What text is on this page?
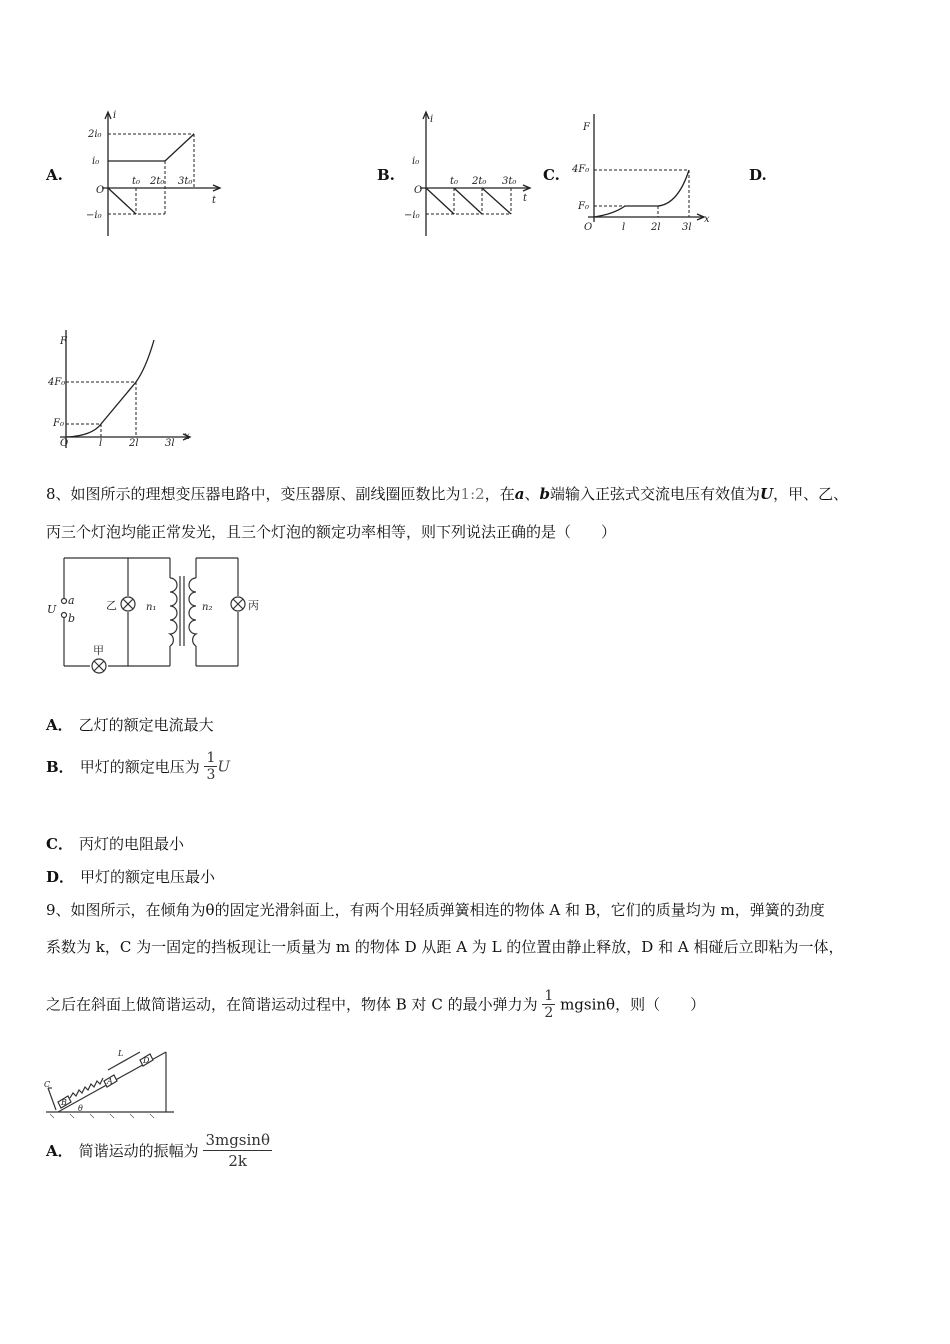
A.	B.	C.	D.
i
t
2i₀
i₀
−i₀
O
t₀ 2t₀ 3t₀
i
t
i₀
−i₀
O
t₀ 2t₀ 3t₀
F
x
4F₀
F₀
O	l	2l 3l
F
x
4F₀
F₀
O	l	2l	3l
8、如图所示的理想变压器电路中，变压器原、副线圈匝数比为1:2，在a、b端输入正弦式交流电压有效值为U，甲、乙、
丙三个灯泡均能正常发光，且三个灯泡的额定功率相等，则下列说法正确的是（　　）
U
a
b
乙
甲
丙
n₁	n₂
A． 乙灯的额定电流最大
B． 甲灯的额定电压为 $\frac{1}{3}$ U
C． 丙灯的电阻最小
D． 甲灯的额定电压最小
9、如图所示，在倾角为θ的固定光滑斜面上，有两个用轻质弹簧相连的物体 A 和 B，它们的质量均为 m，弹簧的劲度
系数为 k，C 为一固定的挡板现让一质量为 m 的物体 D 从距 A 为 L 的位置由静止释放，D 和 A 相碰后立即粘为一体，
之后在斜面上做简谐运动，在简谐运动过程中，物体 B 对 C 的最小弹力为 $\frac{1}{2}$ mgsinθ，则（　　）
C
B
A
D
L
θ
A． 简谐运动的振幅为 $\frac{3mgsin\theta}{2k}$
